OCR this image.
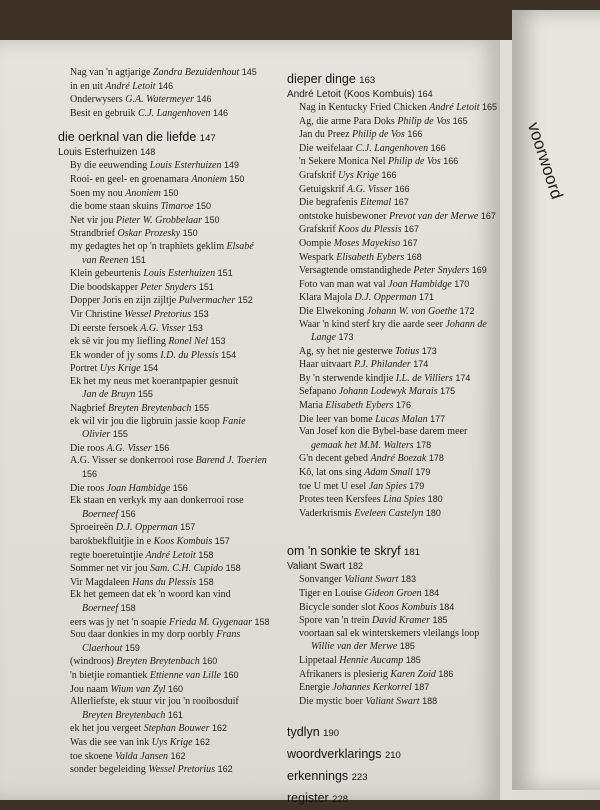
voorwoord
Nag van 'n agtjarige Zandra Bezuidenhout 145
in en uit André Letoit 146
Onderwysers G.A. Watermeyer 146
Besit en gebruik C.J. Langenhoven 146
die oerknal van die liefde 147
Louis Esterhuizen 148
By die eeuwending Louis Esterhuizen 149
Rooi- en geel- en groenamara Anoniem 150
Soen my nou Anoniem 150
die bome staan skuins Timaroe 150
Net vir jou Pieter W. Grobbelaar 150
Strandbrief Oskar Prozesky 150
my gedagtes het op 'n traphiets geklim Elsabé
van Reenen 151
Klein gebeurtenis Louis Esterhuizen 151
Die boodskapper Peter Snyders 151
Dopper Joris en zijn zijltje Pulvermacher 152
Vir Christine Wessel Pretorius 153
Di eerste fersoek A.G. Visser 153
ek sê vir jou my liefling Ronel Nel 153
Ek wonder of jy soms I.D. du Plessis 154
Portret Uys Krige 154
Ek het my neus met koerantpapier gesnuit
Jan de Bruyn 155
Nagbrief Breyten Breytenbach 155
ek wil vir jou die ligbruin jassie koop Fanie
Olivier 155
Die roos A.G. Visser 156
A.G. Visser se donkerrooi rose Barend J. Toerien
156
Die roos Joan Hambidge 156
Ek staan en verkyk my aan donkerrooi rose
Boerneef 156
Sproeireën D.J. Opperman 157
barokbekfluitjie in e Koos Kombuis 157
regte boeretuintjie André Letoit 158
Sommer net vir jou Sam. C.H. Cupido 158
Vir Magdaleen Hans du Plessis 158
Ek het gemeen dat ek 'n woord kan vind
Boerneef 158
eers was jy net 'n soapie Frieda M. Gygenaar 158
Sou daar donkies in my dorp oorbly Frans
Claerhout 159
(windroos) Breyten Breytenbach 160
'n bietjie romantiek Ettienne van Lille 160
Jou naam Wium van Zyl 160
Allerliefste, ek stuur vir jou 'n rooibosduif
Breyten Breytenbach 161
ek het jou vergeet Stephan Bouwer 162
Was die see van ink Uys Krige 162
toe skoene Valda Jansen 162
sonder begeleiding Wessel Pretorius 162
dieper dinge 163
André Letoit (Koos Kombuis) 164
Nag in Kentucky Fried Chicken André Letoit 165
Ag, die arme Para Doks Philip de Vos 165
Jan du Preez Philip de Vos 166
Die weifelaar C.J. Langenhoven 166
'n Sekere Monica Nel Philip de Vos 166
Grafskrif Uys Krige 166
Getuigskrif A.G. Visser 166
Die begrafenis Eitemal 167
ontstoke huisbewoner Prevot van der Merwe 167
Grafskrif Koos du Plessis 167
Oompie Moses Mayekiso 167
Wespark Elisabeth Eybers 168
Versagtende omstandighede Peter Snyders 169
Foto van man wat val Joan Hambidge 170
Klara Majola D.J. Opperman 171
Die Elwekoning Johann W. von Goethe 172
Waar 'n kind sterf kry die aarde seer Johann de
Lange 173
Ag, sy het nie gesterwe Totius 173
Haar uitvaart P.J. Philander 174
By 'n sterwende kindjie I.L. de Villiers 174
Sefapano Johann Lodewyk Marais 175
Maria Elisabeth Eybers 176
Die leer van bome Lucas Malan 177
Van Josef kon die Bybel-base darem meer
gemaak het M.M. Walters 178
G'n decent gebed André Boezak 178
Kô, lat ons sing Adam Small 179
toe U met U esel Jan Spies 179
Protes teen Kersfees Lina Spies 180
Vaderkrismis Eveleen Castelyn 180
om 'n sonkie te skryf 181
Valiant Swart 182
Sonvanger Valiant Swart 183
Tiger en Louise Gideon Groen 184
Bicycle sonder slot Koos Kombuis 184
Spore van 'n trein David Kramer 185
voortaan sal ek winterskemers vleilangs loop
Willie van der Merwe 185
Lippetaal Hennie Aucamp 185
Afrikaners is plesierig Karen Zoid 186
Energie Johannes Kerkorrel 187
Die mystic boer Valiant Swart 188
tydlyn 190
woordverklarings 210
erkennings 223
register 228
